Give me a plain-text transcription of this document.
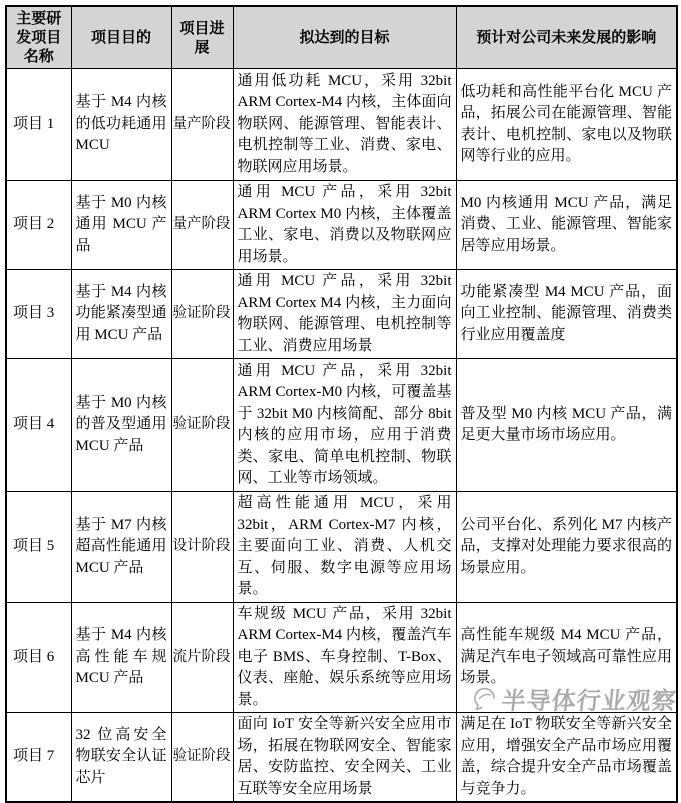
主要研发项目名称	项目目的	项目进展	拟达到的目标	预计对公司未来发展的影响
项目 1	基于 M4 内核的低功耗通用 MCU	量产阶段	通用低功耗 MCU，采用 32bit ARM Cortex-M4 内核，主体面向物联网、能源管理、智能表计、电机控制等工业、消费、家电、物联网应用场景。	低功耗和高性能平台化 MCU 产品，拓展公司在能源管理、智能表计、电机控制、家电以及物联网等行业的应用。
项目 2	基于 M0 内核通用 MCU 产品	量产阶段	通用 MCU 产品，采用 32bit ARM Cortex M0 内核，主体覆盖工业、家电、消费以及物联网应用场景。	M0 内核通用 MCU 产品，满足消费、工业、能源管理、智能家居等应用场景。
项目 3	基于 M4 内核功能紧凑型通用 MCU 产品	验证阶段	通用 MCU 产品，采用 32bit ARM Cortex M4 内核，主力面向物联网、能源管理、电机控制等工业、消费应用场景	功能紧凑型 M4 MCU 产品，面向工业控制、能源管理、消费类行业应用覆盖度
项目 4	基于 M0 内核的普及型通用 MCU 产品	验证阶段	通用 MCU 产品，采用 32bit ARM Cortex-M0 内核，可覆盖基于 32bit M0 内核简配、部分 8bit 内核的应用市场，应用于消费类、家电、简单电机控制、物联网、工业等市场领域。	普及型 M0 内核 MCU 产品，满足更大量市场市场应用。
项目 5	基于 M7 内核超高性能通用 MCU 产品	设计阶段	超高性能通用 MCU，采用 32bit，ARM Cortex-M7 内核，主要面向工业、消费、人机交互、伺服、数字电源等应用场景。	公司平台化、系列化 M7 内核产品，支撑对处理能力要求很高的场景应用。
项目 6	基于 M4 内核高性能车规 MCU 产品	流片阶段	车规级 MCU 产品，采用 32bit ARM Cortex-M4 内核，覆盖汽车电子 BMS、车身控制、T-Box、仪表、座舱、娱乐系统等应用场景。	高性能车规级 M4 MCU 产品，满足汽车电子领域高可靠性应用场景。
项目 7	32 位高安全物联安全认证芯片	验证阶段	面向 IoT 安全等新兴安全应用市场，拓展在物联网安全、智能家居、安防监控、安全网关、工业互联等安全应用场景	满足在 IoT 物联安全等新兴安全应用，增强安全产品市场应用覆盖，综合提升安全产品市场覆盖与竞争力。
半导体行业观察
